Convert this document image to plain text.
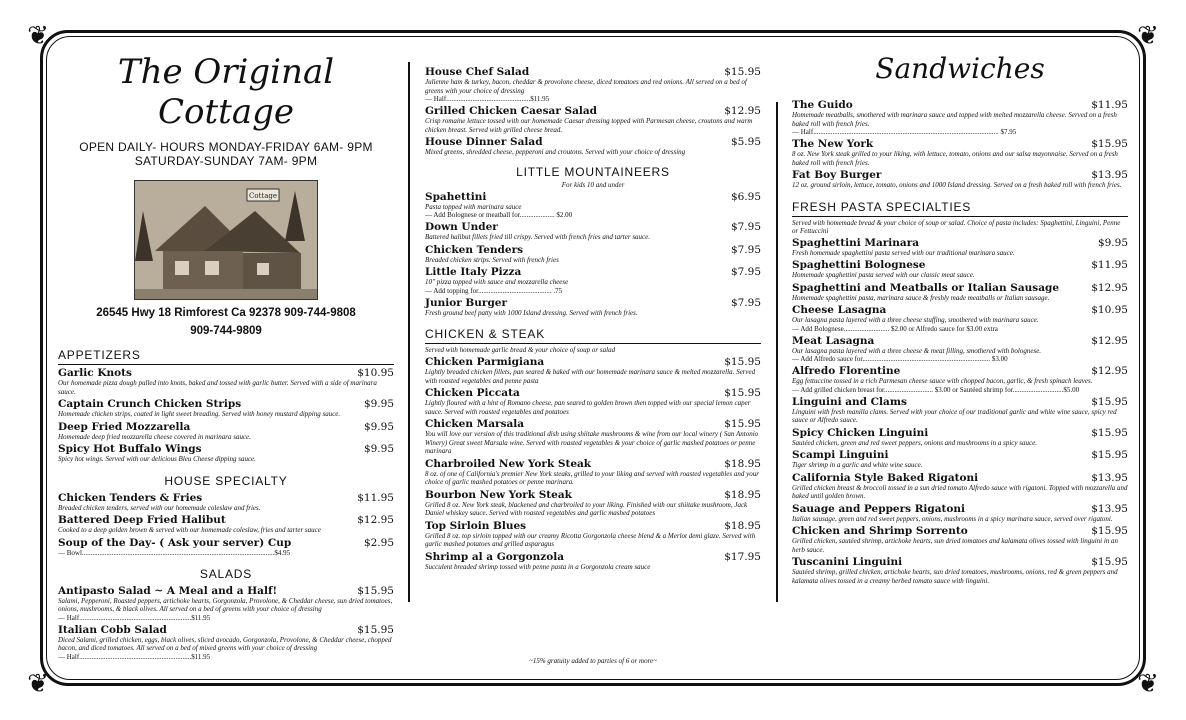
❦	❦
❦	❦
The Original Cottage
OPEN DAILY- HOURS MONDAY-FRIDAY 6AM- 9PM
SATURDAY-SUNDAY 7AM- 9PM
Cottage
26545 Hwy 18 Rimforest Ca 92378 909-744-9808
909-744-9809
APPETIZERS
Garlic Knots	$10.95
Our homemade pizza dough pulled into knots, baked and tossed with garlic butter. Served with a side of marinara sauce.
Captain Crunch Chicken Strips	$9.95
Homemade chicken strips, coated in light sweet breading. Served with honey mustard dipping sauce.
Deep Fried Mozzarella	$9.95
Homemade deep fried mozzarella cheese covered in marinara sauce.
Spicy Hot Buffalo Wings	$9.95
Spicy hot wings. Served with our delicious Bleu Cheese dipping sauce.
HOUSE SPECIALTY
Chicken Tenders & Fries	$11.95
Breaded chicken tenders, served with our homemade coleslaw and fries.
Battered Deep Fried Halibut	$12.95
Cooked to a deep golden brown & served with our homemade coleslaw, fries and tarter sauce
Soup of the Day- ( Ask your server) Cup	$2.95
— Bowl..............................................................................................................$4.95
SALADS
Antipasto Salad ~ A Meal and a Half!	$15.95
Salami, Pepperoni, Roasted peppers, artichoke hearts, Gorgonzola, Provolone, & Cheddar cheese, sun dried tomatoes, onions, mushrooms, & black olives. All served on a bed of greens with your choice of dressing
— Half................................................................$11.95
Italian Cobb Salad	$15.95
Diced Salami, grilled chicken, eggs, black olives, sliced avocado, Gorgonzola, Provolone, & Cheddar cheese, chopped bacon, and diced tomatoes. All served on a bed of mixed greens with your choice of dressing
— Half................................................................$11.95
House Chef Salad	$15.95
Julienne ham & turkey, bacon, cheddar & provolone cheese, diced tomatoes and red onions. All served on a bed of greens with your choice of dressing
— Half................................................$11.95
Grilled Chicken Caesar Salad	$12.95
Crisp romaine lettuce tossed with our homemade Caesar dressing topped with Parmesan cheese, croutons and warm chicken breast. Served with grilled cheese bread.
House Dinner Salad	$5.95
Mixed greens, shredded cheese, pepperoni and croutons. Served with your choice of dressing
LITTLE MOUNTAINEERS
For kids 10 and under
Spahettini	$6.95
Pasta topped with marinara sauce
— Add Bolognese or meatball for.................... $2.00
Down Under	$7.95
Battered halibut fillets fried till crispy. Served with french fries and tarter sauce.
Chicken Tenders	$7.95
Breaded chicken strips. Served with french fries
Little Italy Pizza	$7.95
10" pizza topped with sauce and mozzarella cheese
— Add topping for.......................................... .75
Junior Burger	$7.95
Fresh ground beef patty with 1000 Island dressing. Served with french fries.
CHICKEN & STEAK
Served with homemade garlic bread & your choice of soup or salad
Chicken Parmigiana	$15.95
Lightly breaded chicken fillets, pan seared & baked with our homemade marinara sauce & melted mozzarella. Served with roasted vegetables and penne pasta
Chicken Piccata	$15.95
Lightly floured with a hint of Romano cheese, pan seared to golden brown then topped with our special lemon caper sauce. Served with roasted vegetables and potatoes
Chicken Marsala	$15.95
You will love our version of this traditional dish using shiitake mushrooms & wine from our local winery ( San Antonio Winery) Great sweet Marsala wine. Served with roasted vegetables & your choice of garlic mashed potatoes or penne marinara
Charbroiled New York Steak	$18.95
8 oz. of one of California's premier New York steaks, grilled to your liking and served with roasted vegetables and your choice of garlic mashed potatoes or penne marinara.
Bourbon New York Steak	$18.95
Grilled 8 oz. New York steak, blackened and charbroiled to your liking. Finished with our shiitake mushroom, Jack Daniel whiskey sauce. Served with roasted vegetables and garlic mashed potatoes
Top Sirloin Blues	$18.95
Grilled 8 oz. top sirloin topped with our creamy Ricotta Gorgonzola cheese blend & a Merlot demi glaze. Served with garlic mashed potatoes and grilled asparagus
Shrimp al a Gorgonzola	$17.95
Succulent breaded shrimp tossed with penne pasta in a Gorgonzola cream sauce
Sandwiches
The Guido	$11.95
Homemade meatballs, smothered with marinara sauce and topped with melted mozzarella cheese. Served on a fresh baked roll with french fries.
— Half.......................................................................................................... $7.95
The New York	$15.95
8 oz. New York steak grilled to your liking, with lettuce, tomato, onions and our salsa mayonnaise. Served on a fresh baked roll with french fries.
Fat Boy Burger	$13.95
12 oz. ground sirloin, lettuce, tomato, onions and 1000 Island dressing. Served on a fresh baked roll with french fries.
FRESH PASTA SPECIALTIES
Served with homemade bread & your choice of soup or salad. Choice of pasta includes: Spaghettini, Linguini, Penne or Fettuccini
Spaghettini Marinara	$9.95
Fresh homemade spaghettini pasta served with our traditional marinara sauce.
Spaghettini Bolognese	$11.95
Homemade spaghettini pasta served with our classic meat sauce.
Spaghettini and Meatballs or Italian Sausage	$12.95
Homemade spaghettini pasta, marinara sauce & freshly made meatballs or Italian sausage.
Cheese Lasagna	$10.95
Our lasagna pasta layered with a three cheese stuffing, smothered with marinara sauce.
— Add Bolognese.......................... $2.00 or Alfredo sauce for $3.00 extra
Meat Lasagna	$12.95
Our lasagna pasta layered with a three cheese & meat filling, smothered with bolognese.
— Add Alfredo sauce for......................................................................... $3.00
Alfredo Florentine	$12.95
Egg fettuccine tossed in a rich Parmesan cheese sauce with chopped bacon, garlic, & fresh spinach leaves.
— Add grilled chicken breast for............................ $3.00 or Sautéed shrimp for.............................$5.00
Linguini and Clams	$15.95
Linguini with fresh manilla clams. Served with your choice of our traditional garlic and white wine sauce, spicy red sauce or Alfredo sauce.
Spicy Chicken Linguini	$15.95
Sautéed chicken, green and red sweet peppers, onions and mushrooms in a spicy sauce.
Scampi Linguini	$15.95
Tiger shrimp in a garlic and white wine sauce.
California Style Baked Rigatoni	$13.95
Grilled chicken breast & broccoli tossed in a sun dried tomato Alfredo sauce with rigatoni. Topped with mozzarella and baked until golden brown.
Sauage and Peppers Rigatoni	$13.95
Italian sausage, green and red sweet peppers, onions, mushrooms in a spicy marinara sauce, served over rigatoni.
Chicken and Shrimp Sorrento	$15.95
Grilled chicken, sautéed shrimp, artichoke hearts, sun dried tomatoes and kalamata olives tossed with linguini in an herb sauce.
Tuscanini Linguini	$15.95
Sautéed shrimp, grilled chicken, artichoke hearts, sun dried tomatoes, mushrooms, onions, red & green peppers and kalamata olives tossed in a creamy herbed tomato sauce with linguini.
~15% gratuity added to parties of 6 or more~
